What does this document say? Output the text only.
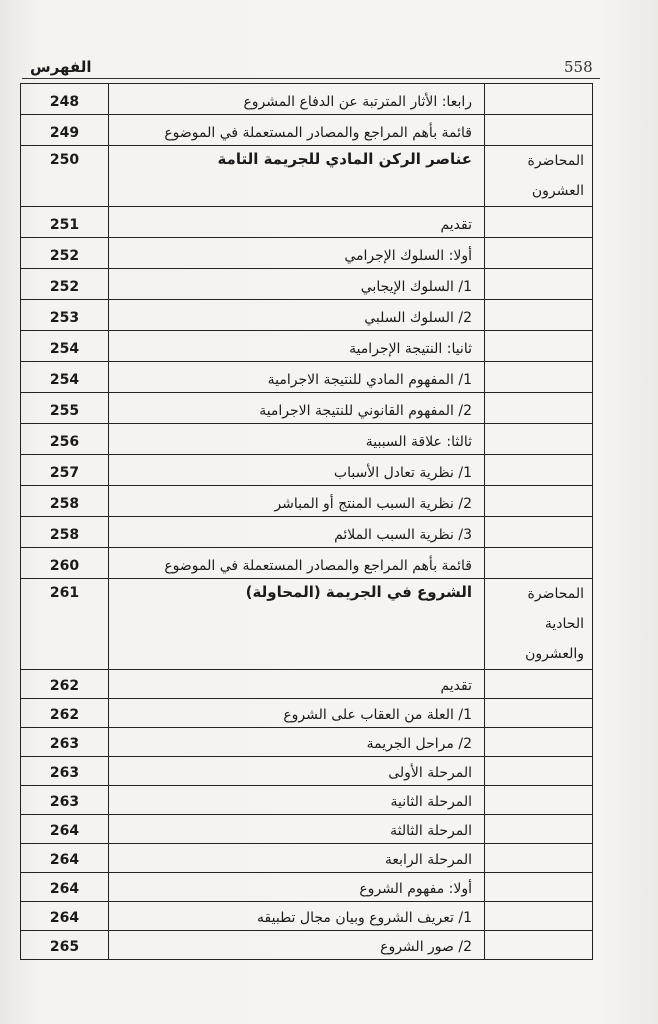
558
الفهرس
248	رابعا: الأثار المترتبة عن الدفاع المشروع	
249	قائمة بأهم المراجع والمصادر المستعملة في الموضوع	
250	عناصر الركن المادي للجريمة التامة	المحاضرة العشرون
251	تقديم	
252	أولا: السلوك الإجرامي	
252	1/ السلوك الإيجابي	
253	2/ السلوك السلبي	
254	ثانيا: النتيجة الإجرامية	
254	1/ المفهوم المادي للنتيجة الاجرامية	
255	2/ المفهوم القانوني للنتيجة الاجرامية	
256	ثالثا: علاقة السببية	
257	1/ نظرية تعادل الأسباب	
258	2/ نظرية السبب المنتج أو المباشر	
258	3/ نظرية السبب الملائم	
260	قائمة بأهم المراجع والمصادر المستعملة في الموضوع	
261	الشروع في الجريمة (المحاولة)	المحاضرة الحادية والعشرون
262	تقديم	
262	1/ العلة من العقاب على الشروع	
263	2/ مراحل الجريمة	
263	المرحلة الأولى	
263	المرحلة الثانية	
264	المرحلة الثالثة	
264	المرحلة الرابعة	
264	أولا: مفهوم الشروع	
264	1/ تعريف الشروع وبيان مجال تطبيقه	
265	2/ صور الشروع	
